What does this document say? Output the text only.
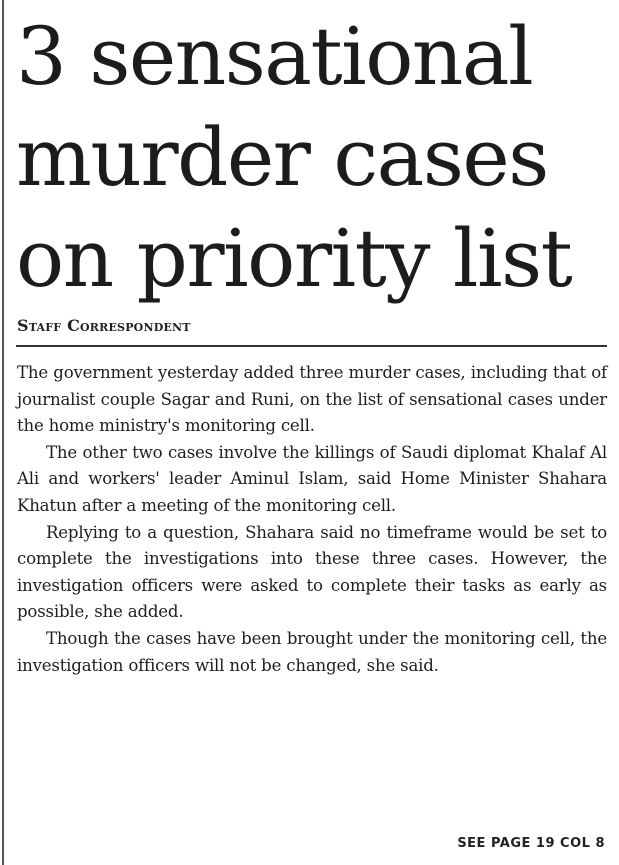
3 sensational
murder cases
on priority list
Staff Correspondent

The government yesterday added three murder cases, including that of journalist couple Sagar and Runi, on the list of sensational cases under the home ministry's monitoring cell.

The other two cases involve the killings of Saudi diplomat Khalaf Al Ali and workers' leader Aminul Islam, said Home Minister Shahara Khatun after a meeting of the monitoring cell.

Replying to a question, Shahara said no timeframe would be set to complete the investigations into these three cases. However, the investigation officers were asked to complete their tasks as early as possible, she added.

Though the cases have been brought under the monitoring cell, the investigation officers will not be changed, she said.

SEE PAGE 19 COL 8
